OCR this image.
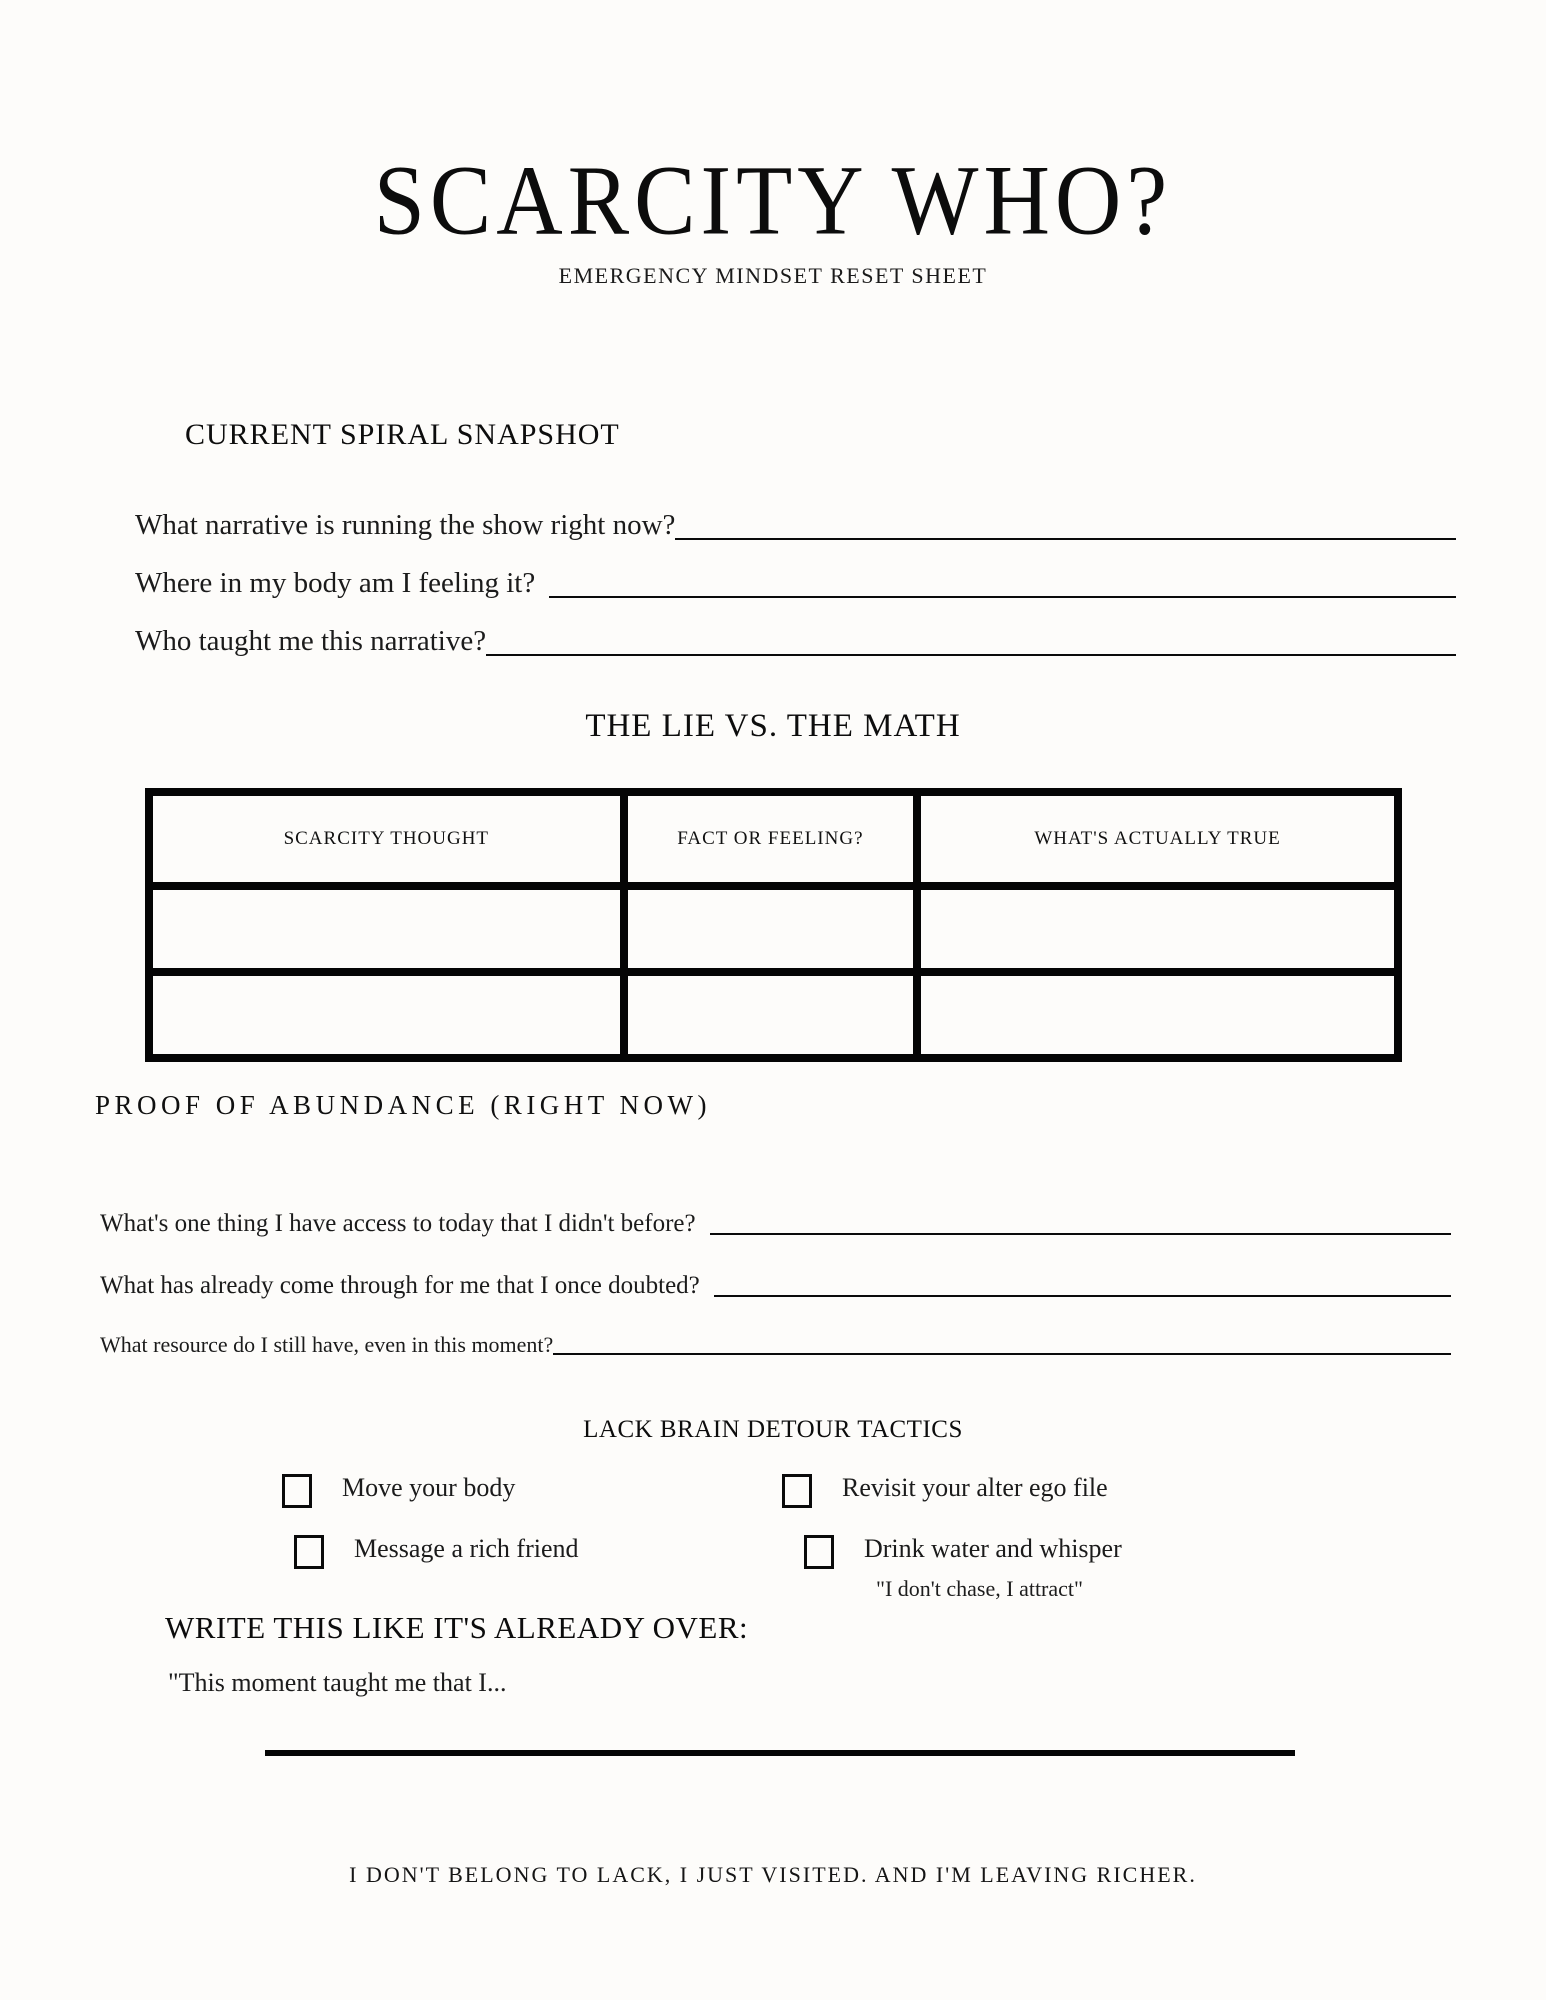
SCARCITY WHO?
EMERGENCY MINDSET RESET SHEET
CURRENT SPIRAL SNAPSHOT
What narrative is running the show right now?
Where in my body am I feeling it?
Who taught me this narrative?
THE LIE VS. THE MATH
SCARCITY THOUGHT	FACT OR FEELING?	WHAT'S ACTUALLY TRUE

PROOF OF ABUNDANCE (RIGHT NOW)
What's one thing I have access to today that I didn't before?
What has already come through for me that I once doubted?
What resource do I still have, even in this moment?
LACK BRAIN DETOUR TACTICS
Move your body	Revisit your alter ego file
Message a rich friend	Drink water and whisper
"I don't chase, I attract"
WRITE THIS LIKE IT'S ALREADY OVER:
"This moment taught me that I...
I DON'T BELONG TO LACK, I JUST VISITED. AND I'M LEAVING RICHER.
